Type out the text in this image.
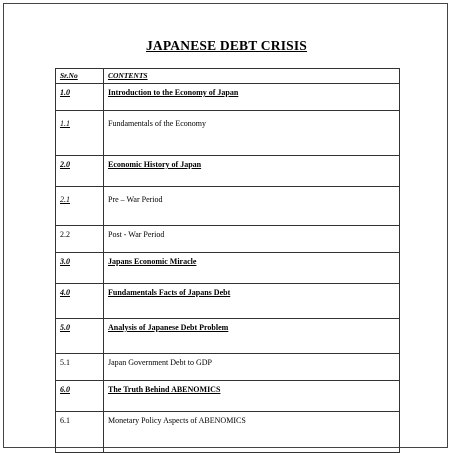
JAPANESE DEBT CRISIS
Sr.No	CONTENTS
1.0	Introduction to the Economy of Japan
1.1	Fundamentals of the Economy
2.0	Economic History of Japan
2.1	Pre – War Period
2.2	Post - War Period
3.0	Japans Economic Miracle
4.0	Fundamentals Facts of Japans Debt
5.0	Analysis of Japanese Debt Problem
5.1	Japan Government Debt to GDP
6.0	The Truth Behind ABENOMICS
6.1	Monetary Policy Aspects of ABENOMICS
